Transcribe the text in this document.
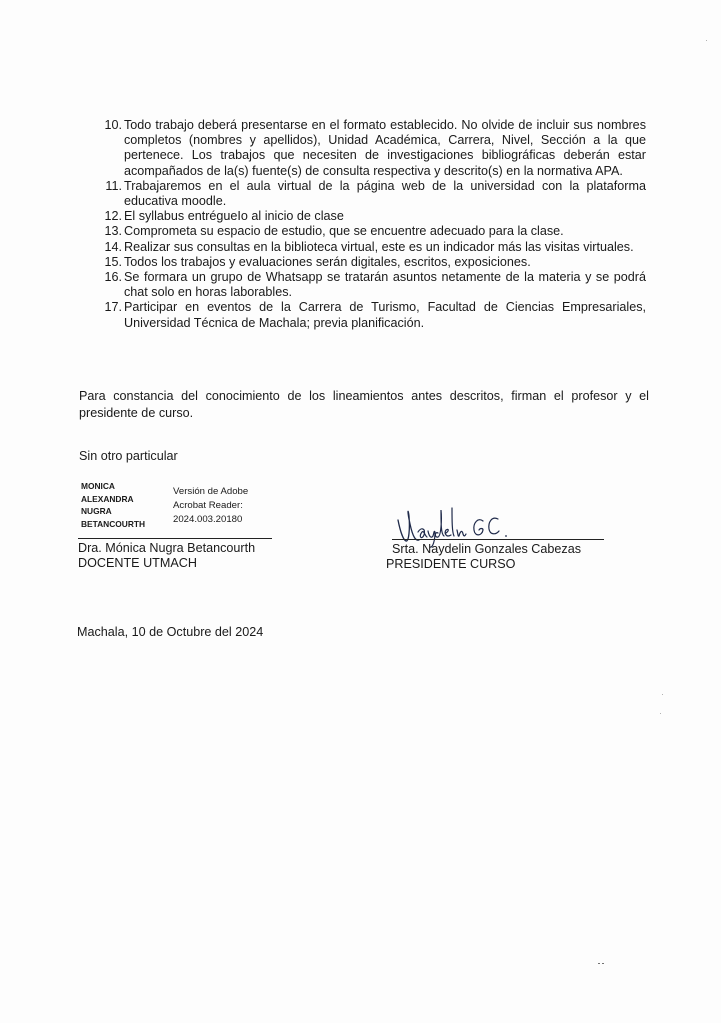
10. Todo trabajo deberá presentarse en el formato establecido. No olvide de incluir sus nombres completos (nombres y apellidos), Unidad Académica, Carrera, Nivel, Sección a la que pertenece. Los trabajos que necesiten de investigaciones bibliográficas deberán estar acompañados de la(s) fuente(s) de consulta respectiva y descrito(s) en la normativa APA.
11. Trabajaremos en el aula virtual de la página web de la universidad con la plataforma educativa moodle.
12. El syllabus entrégueIo al inicio de clase
13. Comprometa su espacio de estudio, que se encuentre adecuado para la clase.
14. Realizar sus consultas en la biblioteca virtual, este es un indicador más las visitas virtuales.
15. Todos los trabajos y evaluaciones serán digitales, escritos, exposiciones.
16. Se formara un grupo de Whatsapp se tratarán asuntos netamente de la materia y se podrá chat solo en horas laborables.
17. Participar en eventos de la Carrera de Turismo, Facultad de Ciencias Empresariales, Universidad Técnica de Machala; previa planificación.

Para constancia del conocimiento de los lineamientos antes descritos, firman el profesor y el presidente de curso.

Sin otro particular

MONICA
ALEXANDRA
NUGRA
BETANCOURTH
Versión de Adobe
Acrobat Reader:
2024.003.20180

Dra. Mónica Nugra Betancourth

DOCENTE UTMACH

Srta. Naydelin Gonzales Cabezas

PRESIDENTE CURSO

Machala, 10 de Octubre del 2024
